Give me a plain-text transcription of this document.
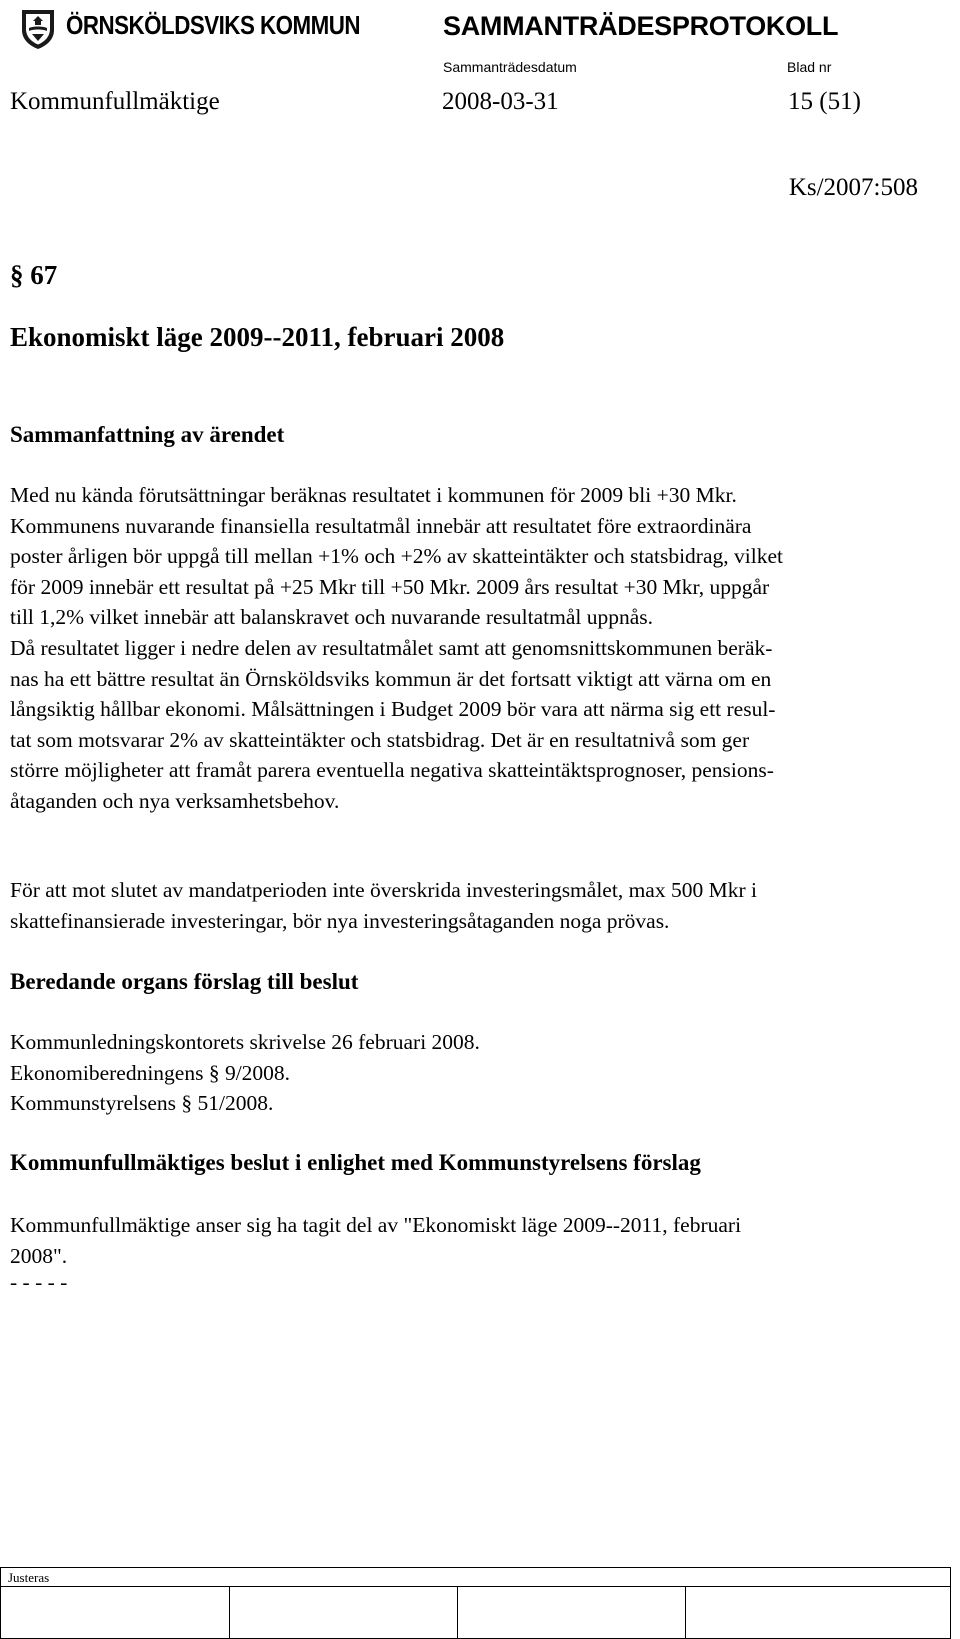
ÖRNSKÖLDSVIKS KOMMUN	SAMMANTRÄDESPROTOKOLL
Sammanträdesdatum	Blad nr
Kommunfullmäktige	2008-03-31	15 (51)
Ks/2007:508
§ 67
Ekonomiskt läge 2009--2011, februari 2008
Sammanfattning av ärendet
Med nu kända förutsättningar beräknas resultatet i kommunen för 2009 bli +30 Mkr.
Kommunens nuvarande finansiella resultatmål innebär att resultatet före extraordinära
poster årligen bör uppgå till mellan +1% och +2% av skatteintäkter och statsbidrag, vilket
för 2009 innebär ett resultat på +25 Mkr till +50 Mkr. 2009 års resultat +30 Mkr, uppgår
till 1,2% vilket innebär att balanskravet och nuvarande resultatmål uppnås.
Då resultatet ligger i nedre delen av resultatmålet samt att genomsnittskommunen beräk-
nas ha ett bättre resultat än Örnsköldsviks kommun är det fortsatt viktigt att värna om en
långsiktig hållbar ekonomi. Målsättningen i Budget 2009 bör vara att närma sig ett resul-
tat som motsvarar 2% av skatteintäkter och statsbidrag. Det är en resultatnivå som ger
större möjligheter att framåt parera eventuella negativa skatteintäktsprognoser, pensions-
åtaganden och nya verksamhetsbehov.
För att mot slutet av mandatperioden inte överskrida investeringsmålet, max 500 Mkr i
skattefinansierade investeringar, bör nya investeringsåtaganden noga prövas.
Beredande organs förslag till beslut
Kommunledningskontorets skrivelse 26 februari 2008.
Ekonomiberedningens § 9/2008.
Kommunstyrelsens § 51/2008.
Kommunfullmäktiges beslut i enlighet med Kommunstyrelsens förslag
Kommunfullmäktige anser sig ha tagit del av "Ekonomiskt läge 2009--2011, februari
2008".
- - - - -
Justeras
